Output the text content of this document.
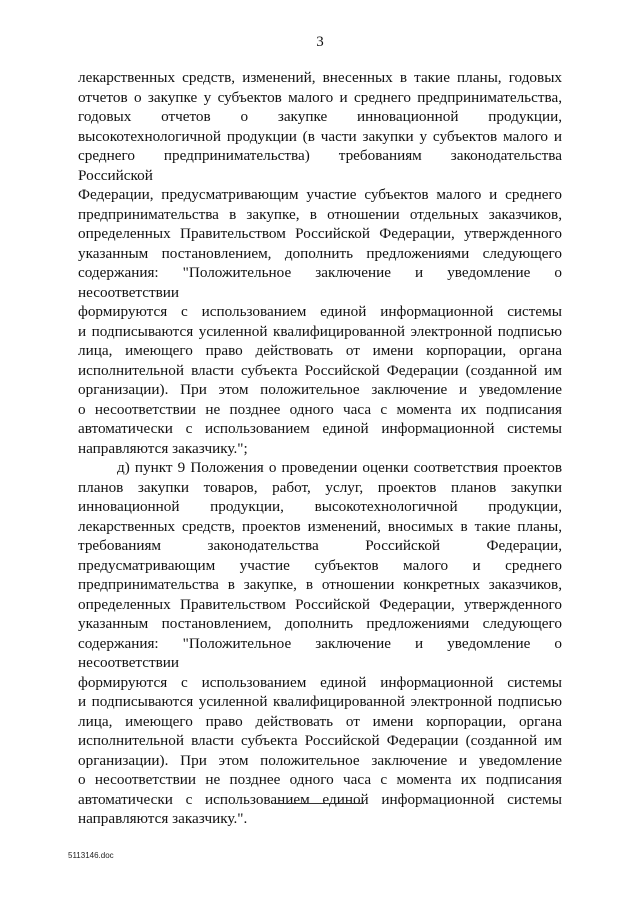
3

лекарственных средств, изменений, внесенных в такие планы, годовых

отчетов о закупке у субъектов малого и среднего предпринимательства,

годовых отчетов о закупке инновационной продукции,

высокотехнологичной продукции (в части закупки у субъектов малого и

среднего предпринимательства) требованиям законодательства Российской

Федерации, предусматривающим участие субъектов малого и среднего

предпринимательства в закупке, в отношении отдельных заказчиков,

определенных Правительством Российской Федерации, утвержденного

указанным постановлением, дополнить предложениями следующего

содержания: "Положительное заключение и уведомление о несоответствии

формируются с использованием единой информационной системы

и подписываются усиленной квалифицированной электронной подписью

лица, имеющего право действовать от имени корпорации, органа

исполнительной власти субъекта Российской Федерации (созданной им

организации). При этом положительное заключение и уведомление

о несоответствии не позднее одного часа с момента их подписания

автоматически с использованием единой информационной системы

направляются заказчику.";

д) пункт 9 Положения о проведении оценки соответствия проектов

планов закупки товаров, работ, услуг, проектов планов закупки

инновационной продукции, высокотехнологичной продукции,

лекарственных средств, проектов изменений, вносимых в такие планы,

требованиям законодательства Российской Федерации,

предусматривающим участие субъектов малого и среднего

предпринимательства в закупке, в отношении конкретных заказчиков,

определенных Правительством Российской Федерации, утвержденного

указанным постановлением, дополнить предложениями следующего

содержания: "Положительное заключение и уведомление о несоответствии

формируются с использованием единой информационной системы

и подписываются усиленной квалифицированной электронной подписью

лица, имеющего право действовать от имени корпорации, органа

исполнительной власти субъекта Российской Федерации (созданной им

организации). При этом положительное заключение и уведомление

о несоответствии не позднее одного часа с момента их подписания

автоматически с использованием единой информационной системы

направляются заказчику.".

5113146.doc
